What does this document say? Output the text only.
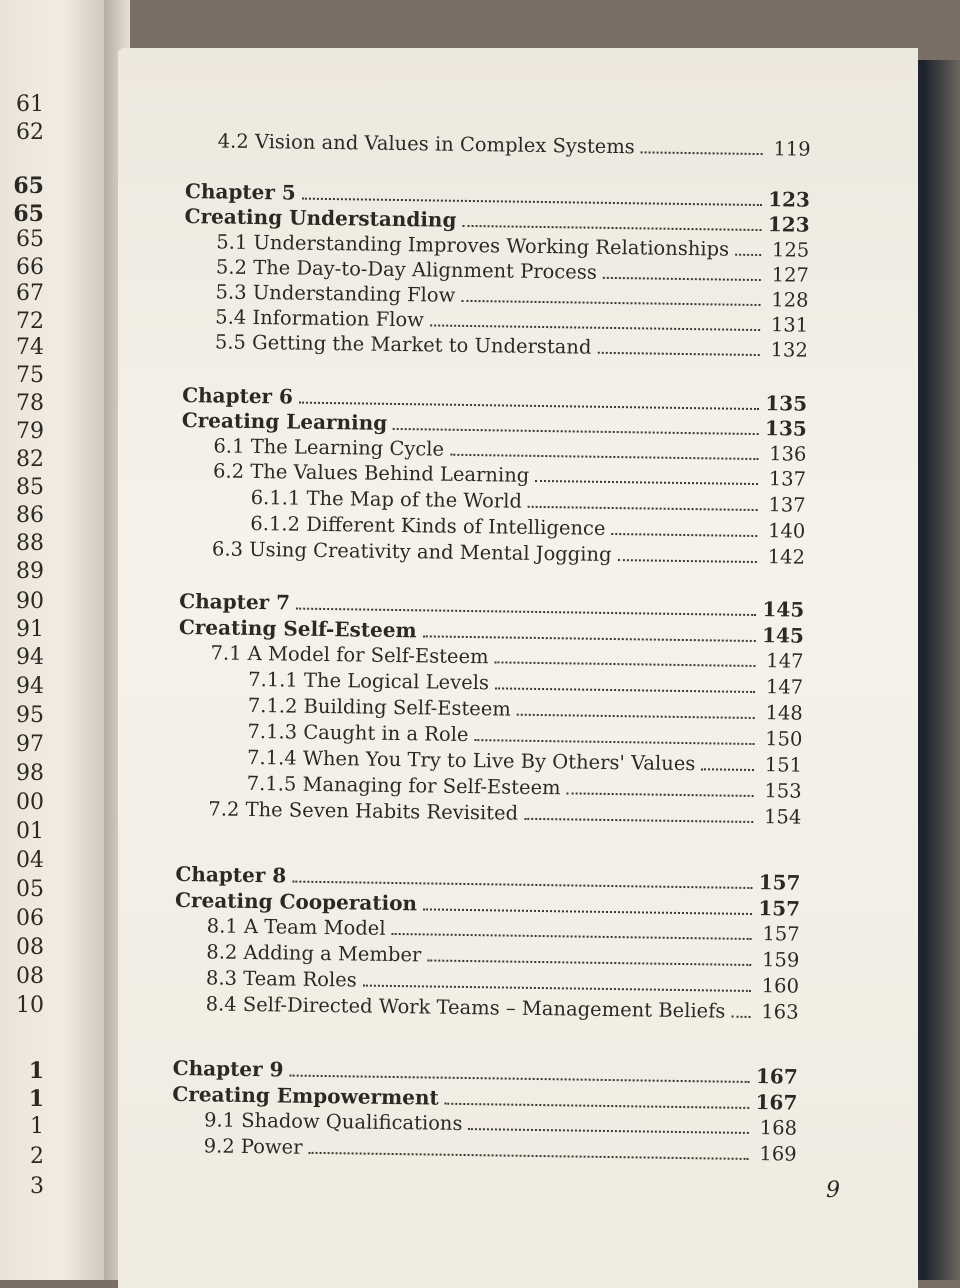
61
62
65
65
65
66
67
72
74
75
78
79
82
85
86
88
89
90
91
94
94
95
97
98
00
01
04
05
06
08
08
10
1
1
1
2
3
4.2 Vision and Values in Complex Systems	119
Chapter 5	123
Creating Understanding	123
5.1 Understanding Improves Working Relationships	125
5.2 The Day-to-Day Alignment Process	127
5.3 Understanding Flow	128
5.4 Information Flow	131
5.5 Getting the Market to Understand	132
Chapter 6	135
Creating Learning	135
6.1 The Learning Cycle	136
6.2 The Values Behind Learning	137
6.1.1 The Map of the World	137
6.1.2 Different Kinds of Intelligence	140
6.3 Using Creativity and Mental Jogging	142
Chapter 7	145
Creating Self-Esteem	145
7.1 A Model for Self-Esteem	147
7.1.1 The Logical Levels	147
7.1.2 Building Self-Esteem	148
7.1.3 Caught in a Role	150
7.1.4 When You Try to Live By Others' Values	151
7.1.5 Managing for Self-Esteem	153
7.2 The Seven Habits Revisited	154
Chapter 8	157
Creating Cooperation	157
8.1 A Team Model	157
8.2 Adding a Member	159
8.3 Team Roles	160
8.4 Self-Directed Work Teams – Management Beliefs	163
Chapter 9	167
Creating Empowerment	167
9.1 Shadow Qualifications	168
9.2 Power	169
9
